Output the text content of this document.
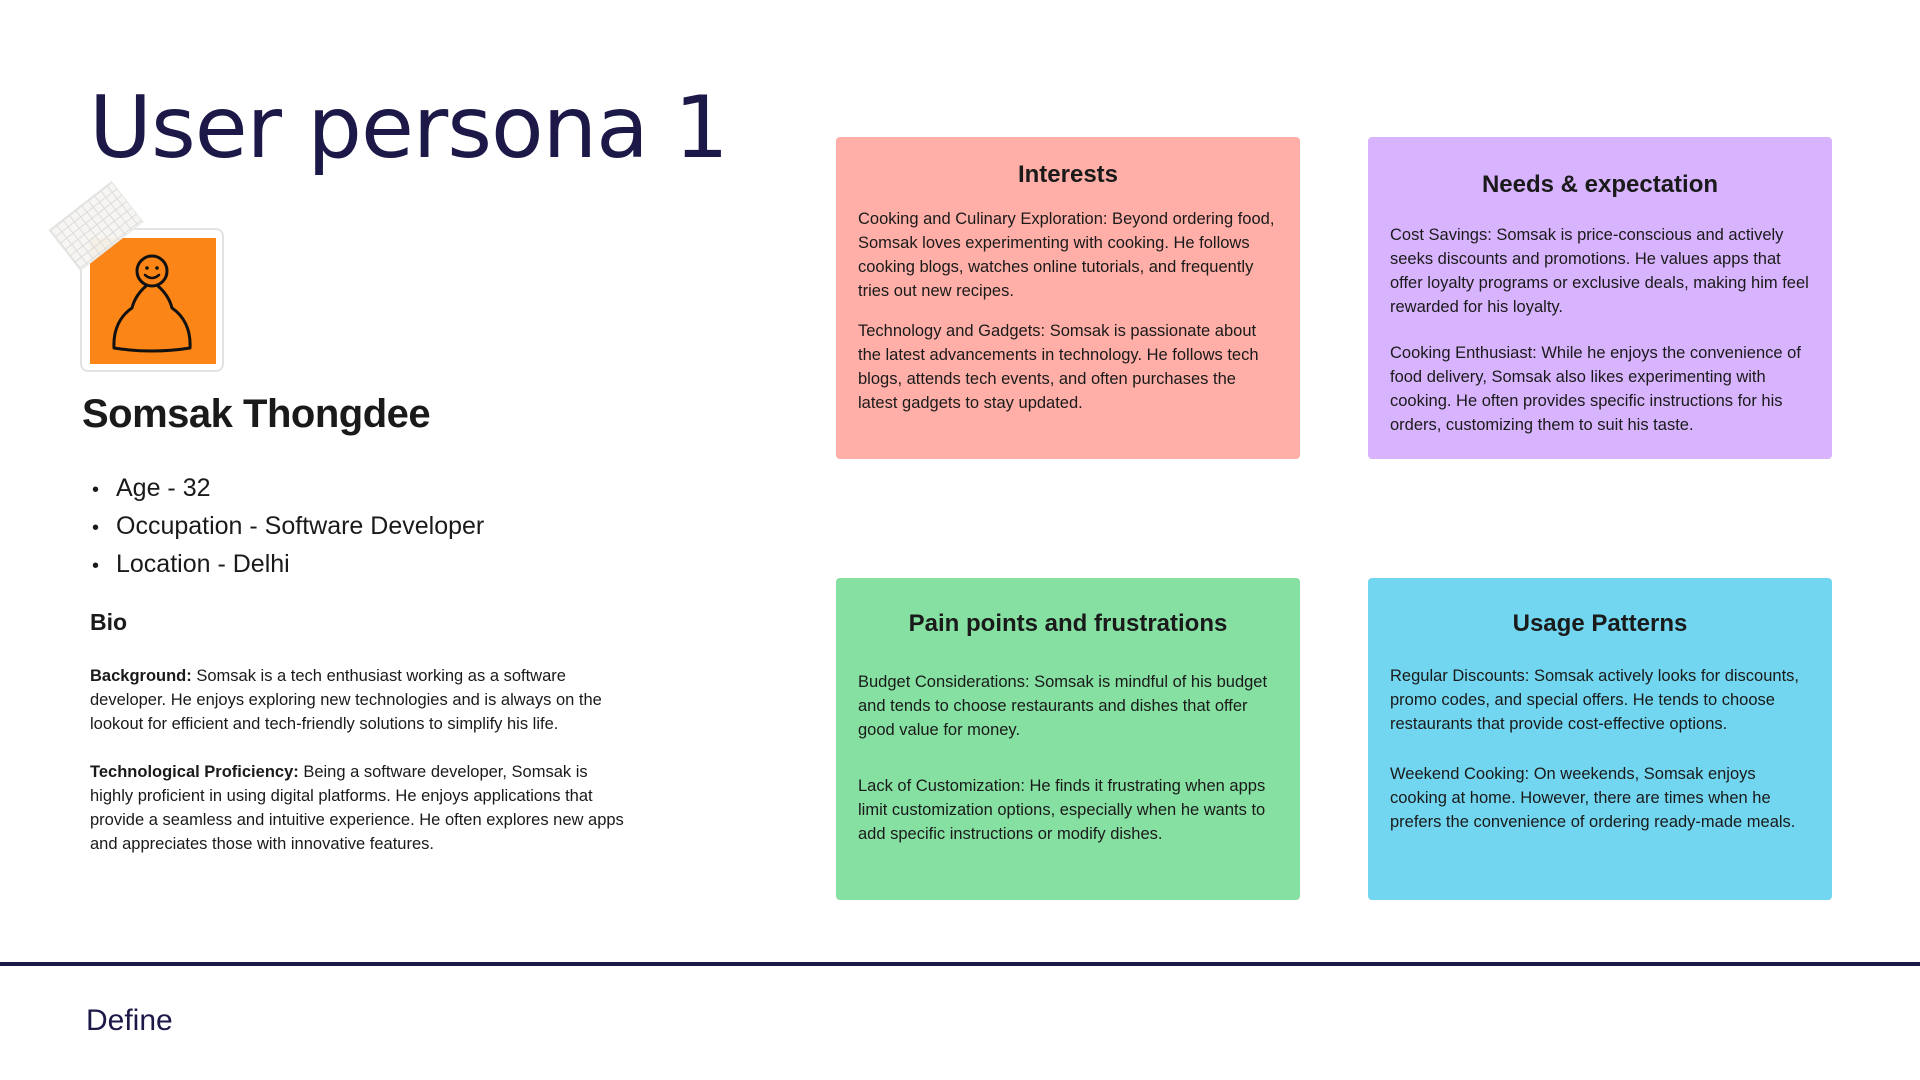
User persona 1
Somsak Thongdee
• Age - 32
• Occupation - Software Developer
• Location - Delhi
Bio

Background: Somsak is a tech enthusiast working as a software developer. He enjoys exploring new technologies and is always on the lookout for efficient and tech-friendly solutions to simplify his life.

Technological Proficiency: Being a software developer, Somsak is highly proficient in using digital platforms. He enjoys applications that provide a seamless and intuitive experience. He often explores new apps and appreciates those with innovative features.

Interests

Cooking and Culinary Exploration: Beyond ordering food, Somsak loves experimenting with cooking. He follows cooking blogs, watches online tutorials, and frequently tries out new recipes.

Technology and Gadgets: Somsak is passionate about the latest advancements in technology. He follows tech blogs, attends tech events, and often purchases the latest gadgets to stay updated.

Needs & expectation

Cost Savings: Somsak is price-conscious and actively seeks discounts and promotions. He values apps that offer loyalty programs or exclusive deals, making him feel rewarded for his loyalty.

Cooking Enthusiast: While he enjoys the convenience of food delivery, Somsak also likes experimenting with cooking. He often provides specific instructions for his orders, customizing them to suit his taste.

Pain points and frustrations

Budget Considerations: Somsak is mindful of his budget and tends to choose restaurants and dishes that offer good value for money.

Lack of Customization: He finds it frustrating when apps limit customization options, especially when he wants to add specific instructions or modify dishes.

Usage Patterns

Regular Discounts: Somsak actively looks for discounts, promo codes, and special offers. He tends to choose restaurants that provide cost-effective options.

Weekend Cooking: On weekends, Somsak enjoys cooking at home. However, there are times when he prefers the convenience of ordering ready-made meals.

Define
